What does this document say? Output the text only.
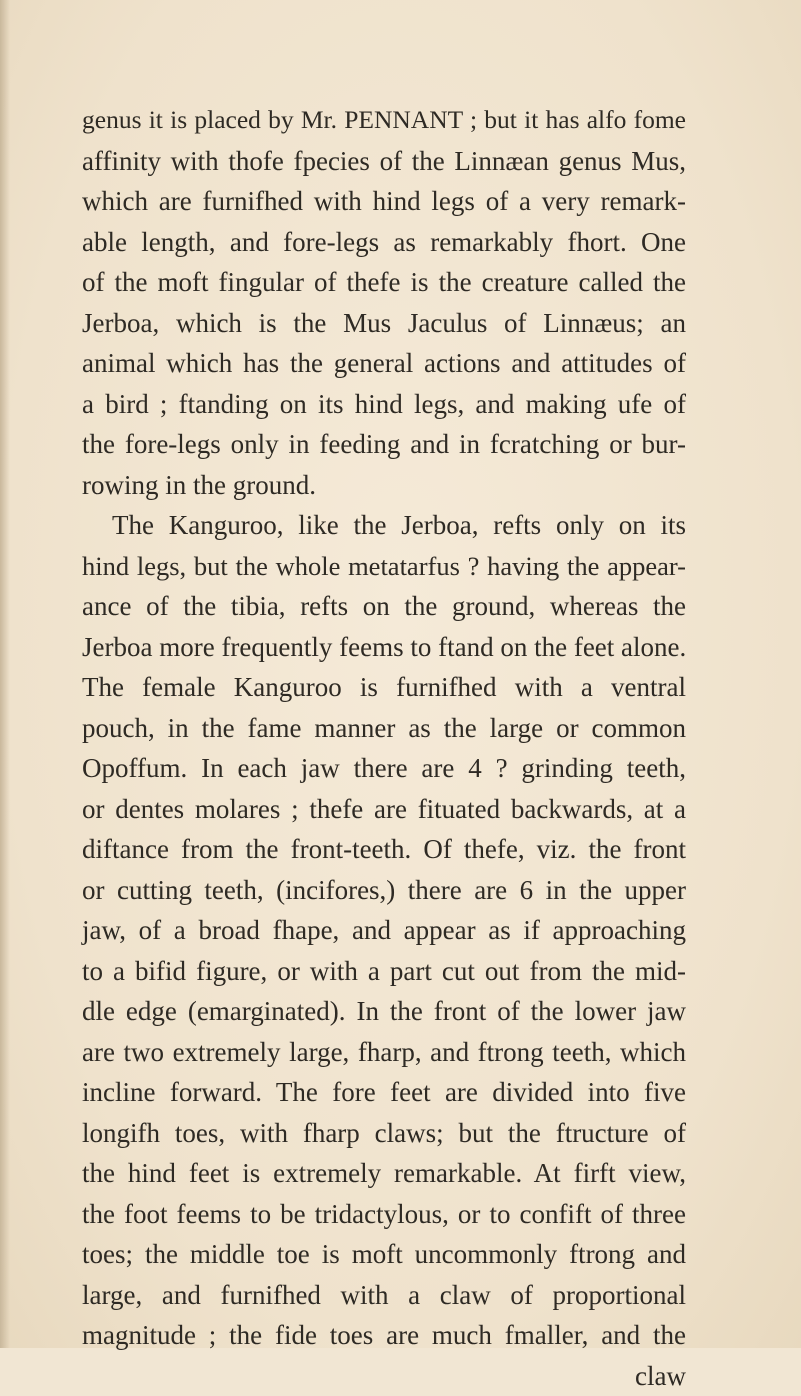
genus it is placed by Mr. PENNANT ; but it has alfo fome
affinity with thofe fpecies of the Linnæan genus Mus,
which are furnifhed with hind legs of a very remark-
able length, and fore-legs as remarkably fhort. One
of the moft fingular of thefe is the creature called the
Jerboa, which is the Mus Jaculus of Linnæus; an
animal which has the general actions and attitudes of
a bird ; ftanding on its hind legs, and making ufe of
the fore-legs only in feeding and in fcratching or bur-
rowing in the ground.
The Kanguroo, like the Jerboa, refts only on its
hind legs, but the whole metatarfus ? having the appear-
ance of the tibia, refts on the ground, whereas the
Jerboa more frequently feems to ftand on the feet alone.
The female Kanguroo is furnifhed with a ventral
pouch, in the fame manner as the large or common
Opoffum. In each jaw there are 4 ? grinding teeth,
or dentes molares ; thefe are fituated backwards, at a
diftance from the front-teeth. Of thefe, viz. the front
or cutting teeth, (incifores,) there are 6 in the upper
jaw, of a broad fhape, and appear as if approaching
to a bifid figure, or with a part cut out from the mid-
dle edge (emarginated). In the front of the lower jaw
are two extremely large, fharp, and ftrong teeth, which
incline forward. The fore feet are divided into five
longifh toes, with fharp claws; but the ftructure of
the hind feet is extremely remarkable. At firft view,
the foot feems to be tridactylous, or to confift of three
toes; the middle toe is moft uncommonly ftrong and
large, and furnifhed with a claw of proportional
magnitude ; the fide toes are much fmaller, and the
claw
